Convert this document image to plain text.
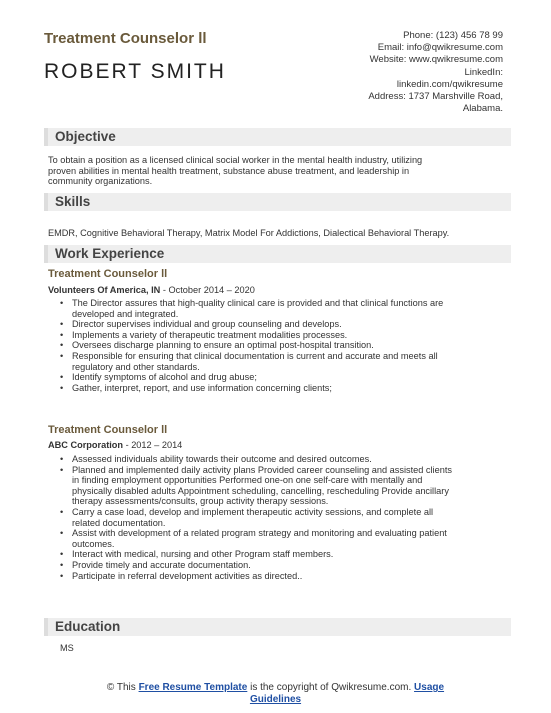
Treatment Counselor ll
ROBERT SMITH
Phone: (123) 456 78 99
Email: info@qwikresume.com
Website: www.qwikresume.com
LinkedIn:
linkedin.com/qwikresume
Address: 1737 Marshville Road,
Alabama.
Objective
To obtain a position as a licensed clinical social worker in the mental health industry, utilizing
proven abilities in mental health treatment, substance abuse treatment, and leadership in
community organizations.
Skills
EMDR, Cognitive Behavioral Therapy, Matrix Model For Addictions, Dialectical Behavioral Therapy.
Work Experience
Treatment Counselor ll
Volunteers Of America, IN - October 2014 – 2020
• The Director assures that high-quality clinical care is provided and that clinical functions are
developed and integrated.
• Director supervises individual and group counseling and develops.
• Implements a variety of therapeutic treatment modalities processes.
• Oversees discharge planning to ensure an optimal post-hospital transition.
• Responsible for ensuring that clinical documentation is current and accurate and meets all
regulatory and other standards.
• Identify symptoms of alcohol and drug abuse;
• Gather, interpret, report, and use information concerning clients;
Treatment Counselor ll
ABC Corporation - 2012 – 2014
• Assessed individuals ability towards their outcome and desired outcomes.
• Planned and implemented daily activity plans Provided career counseling and assisted clients
in finding employment opportunities Performed one-on one self-care with mentally and
physically disabled adults Appointment scheduling, cancelling, rescheduling Provide ancillary
therapy assessments/consults, group activity therapy sessions.
• Carry a case load, develop and implement therapeutic activity sessions, and complete all
related documentation.
• Assist with development of a related program strategy and monitoring and evaluating patient
outcomes.
• Interact with medical, nursing and other Program staff members.
• Provide timely and accurate documentation.
• Participate in referral development activities as directed..
Education
MS
© This Free Resume Template is the copyright of Qwikresume.com. Usage
Guidelines
